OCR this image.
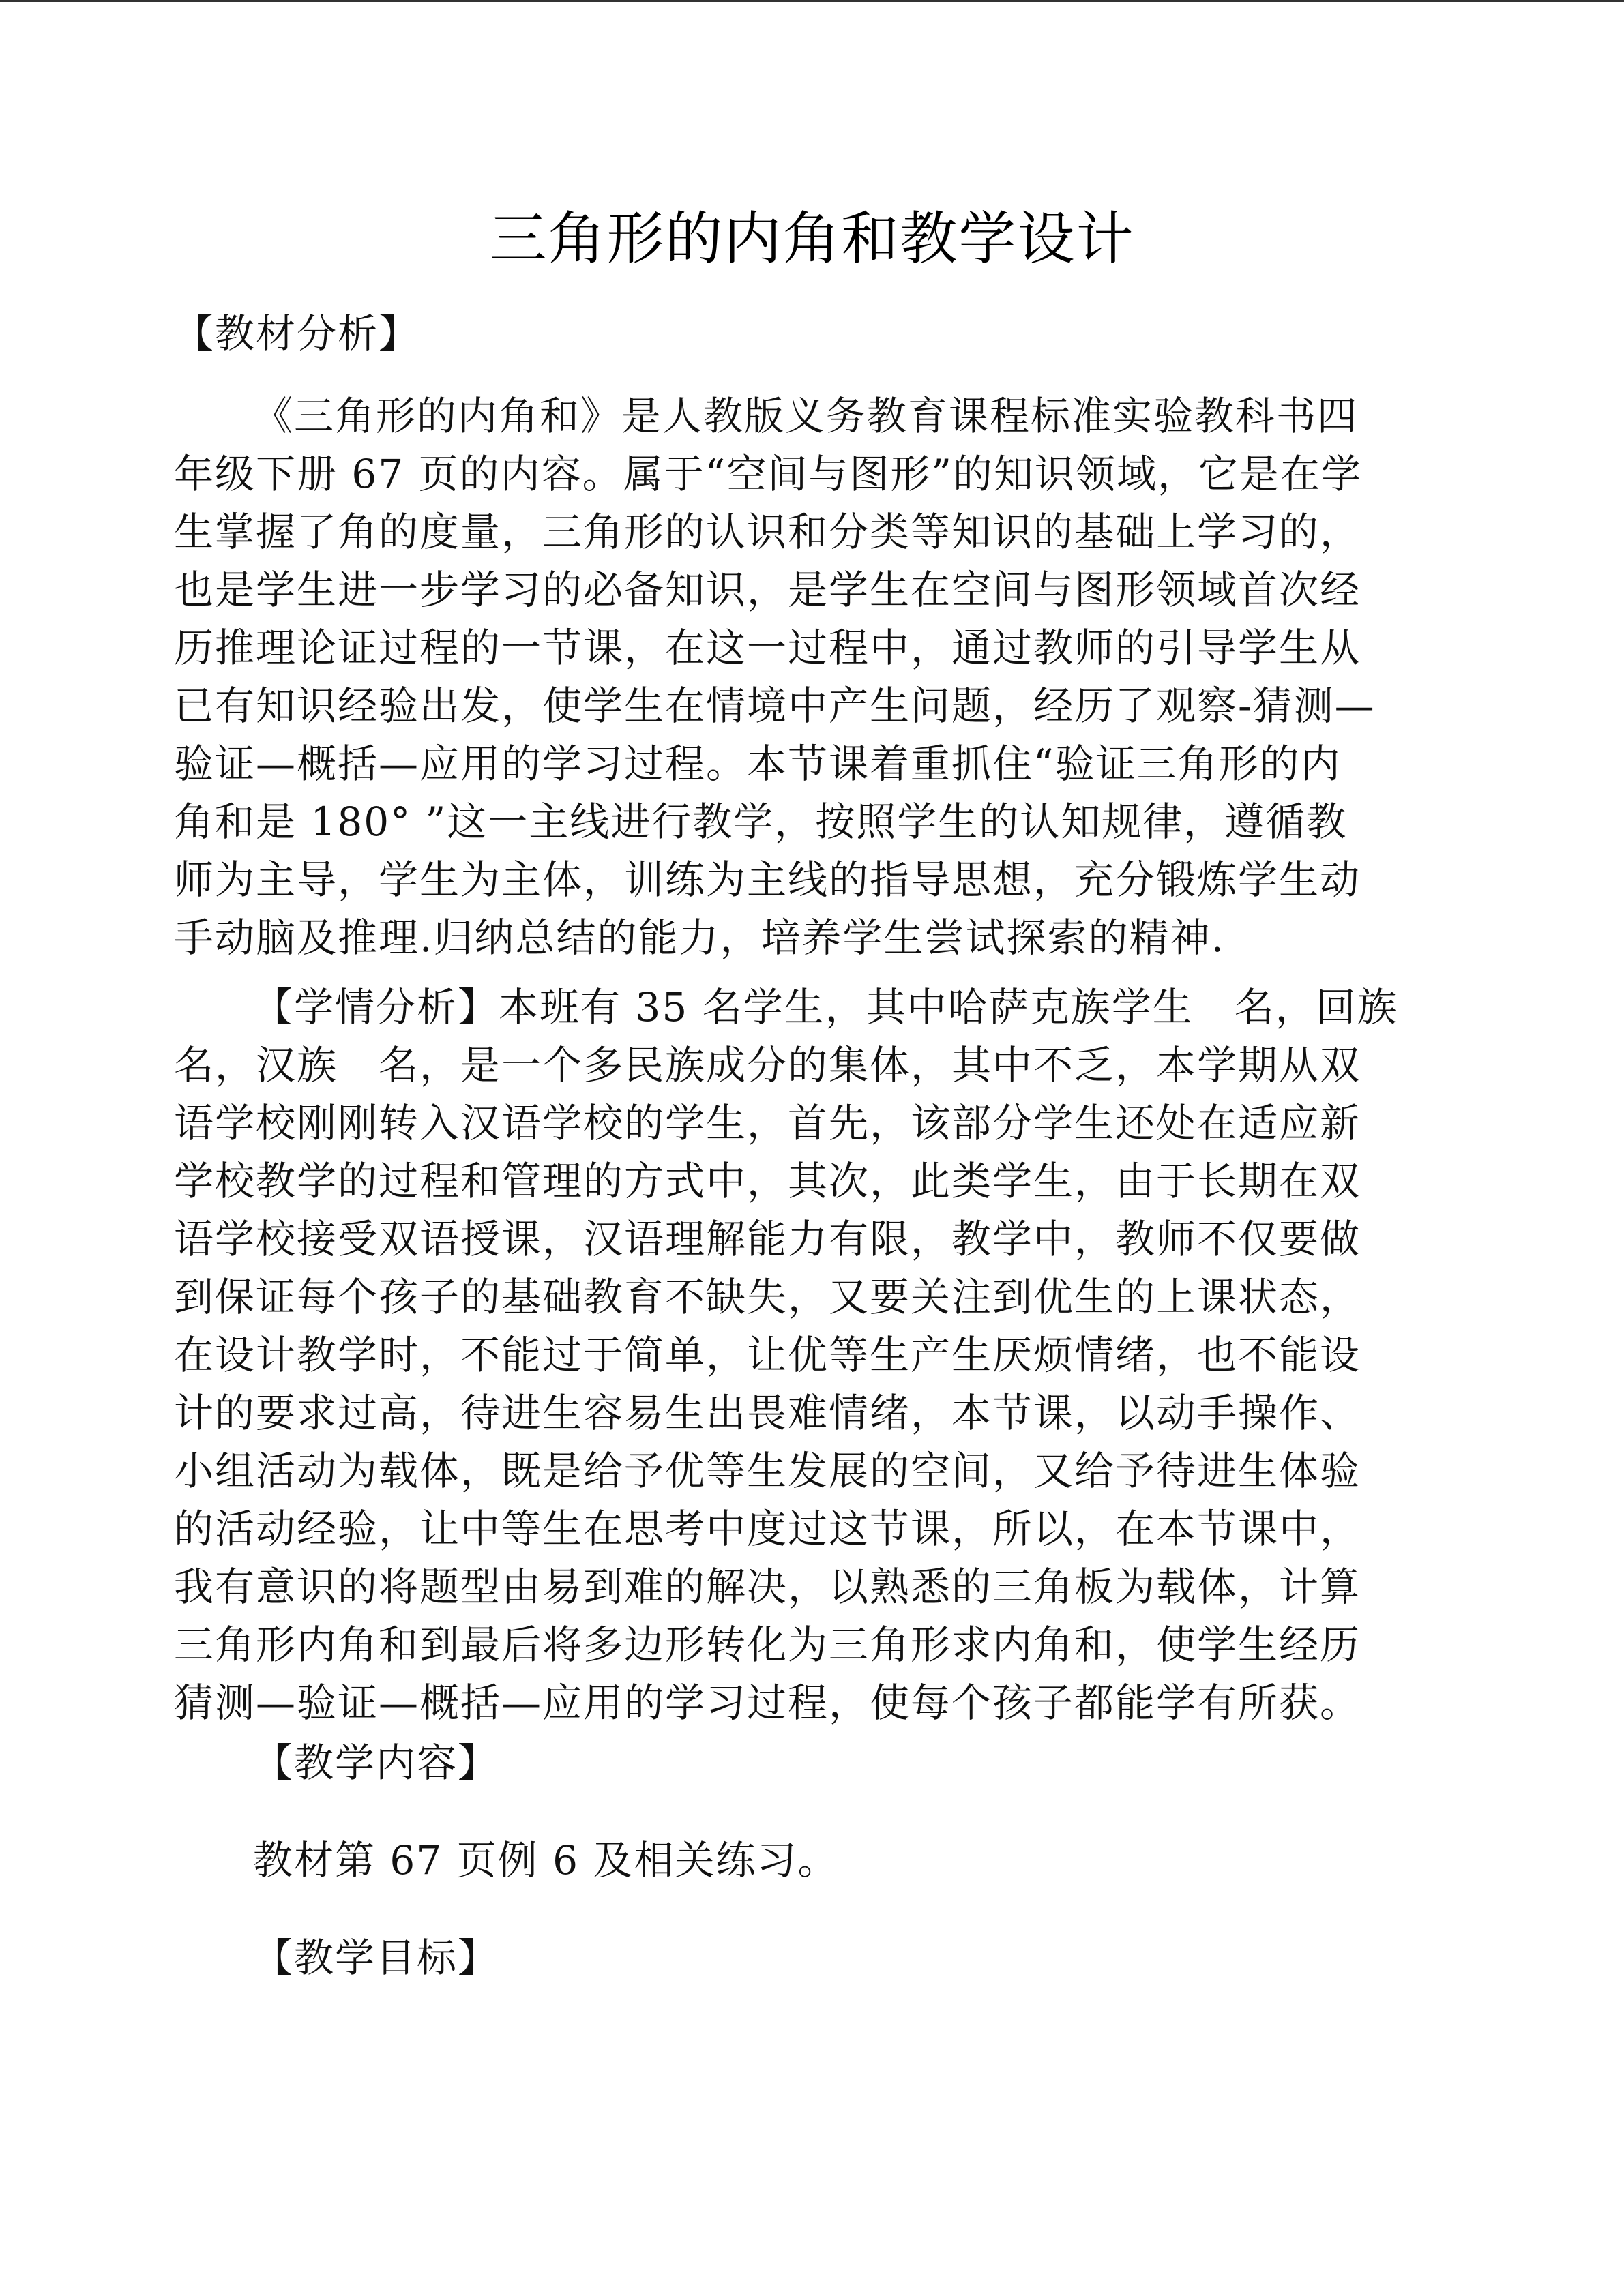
三角形的内角和教学设计

【教材分析】

《三角形的内角和》是人教版义务教育课程标准实验教科书四
年级下册 67 页的内容。属于“空间与图形”的知识领域，它是在学
生掌握了角的度量，三角形的认识和分类等知识的基础上学习的，
也是学生进一步学习的必备知识，是学生在空间与图形领域首次经
历推理论证过程的一节课，在这一过程中，通过教师的引导学生从
已有知识经验出发，使学生在情境中产生问题，经历了观察-猜测—
验证—概括—应用的学习过程。本节课着重抓住“验证三角形的内
角和是 180° ”这一主线进行教学，按照学生的认知规律，遵循教
师为主导，学生为主体，训练为主线的指导思想，充分锻炼学生动
手动脑及推理.归纳总结的能力，培养学生尝试探索的精神.

【学情分析】本班有 35 名学生，其中哈萨克族学生　名，回族
名，汉族　名，是一个多民族成分的集体，其中不乏，本学期从双
语学校刚刚转入汉语学校的学生，首先，该部分学生还处在适应新
学校教学的过程和管理的方式中，其次，此类学生，由于长期在双
语学校接受双语授课，汉语理解能力有限，教学中，教师不仅要做
到保证每个孩子的基础教育不缺失，又要关注到优生的上课状态，
在设计教学时，不能过于简单，让优等生产生厌烦情绪，也不能设
计的要求过高，待进生容易生出畏难情绪，本节课，以动手操作、
小组活动为载体，既是给予优等生发展的空间，又给予待进生体验
的活动经验，让中等生在思考中度过这节课，所以，在本节课中，
我有意识的将题型由易到难的解决，以熟悉的三角板为载体，计算
三角形内角和到最后将多边形转化为三角形求内角和，使学生经历
猜测—验证—概括—应用的学习过程，使每个孩子都能学有所获。

【教学内容】

教材第 67 页例 6 及相关练习。

【教学目标】
